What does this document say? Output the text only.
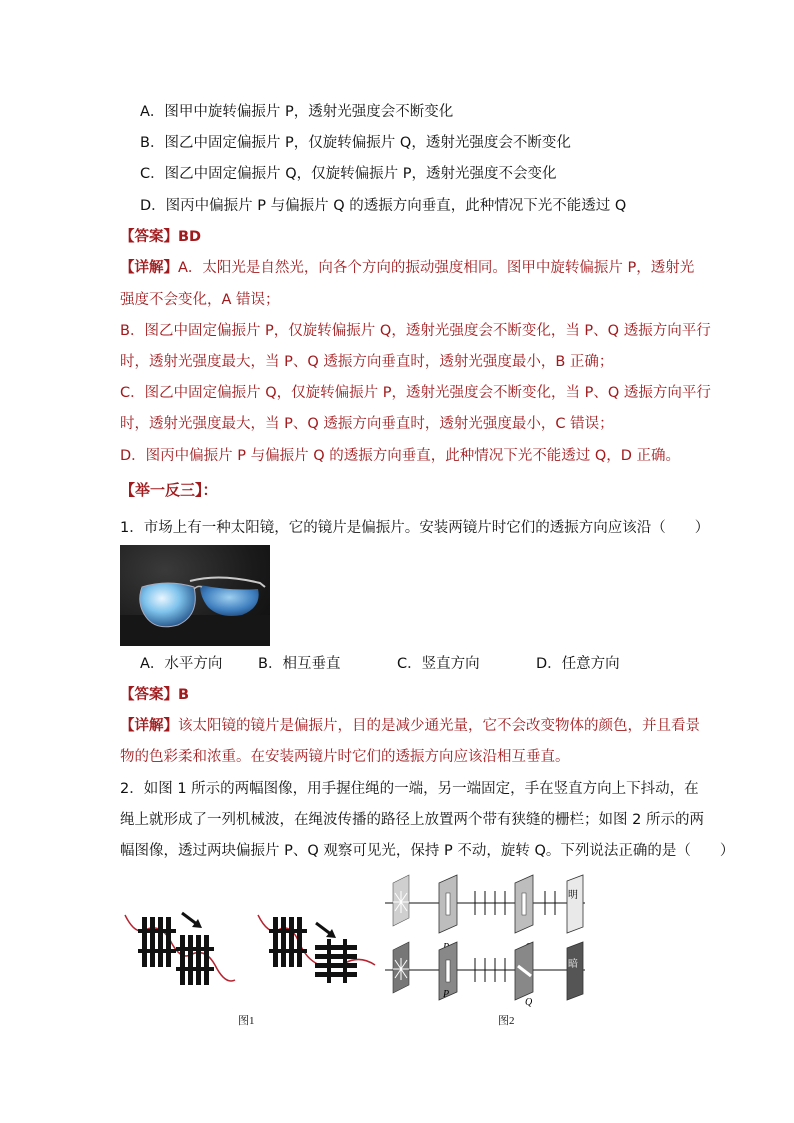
A．图甲中旋转偏振片 P，透射光强度会不断变化
B．图乙中固定偏振片 P，仅旋转偏振片 Q，透射光强度会不断变化
C．图乙中固定偏振片 Q，仅旋转偏振片 P，透射光强度不会变化
D．图丙中偏振片 P 与偏振片 Q 的透振方向垂直，此种情况下光不能透过 Q
【答案】BD
【详解】A．太阳光是自然光，向各个方向的振动强度相同。图甲中旋转偏振片 P，透射光
强度不会变化，A 错误；
B．图乙中固定偏振片 P，仅旋转偏振片 Q，透射光强度会不断变化，当 P、Q 透振方向平行
时，透射光强度最大，当 P、Q 透振方向垂直时，透射光强度最小，B 正确；
C．图乙中固定偏振片 Q，仅旋转偏振片 P，透射光强度会不断变化，当 P、Q 透振方向平行
时，透射光强度最大，当 P、Q 透振方向垂直时，透射光强度最小，C 错误；
D．图丙中偏振片 P 与偏振片 Q 的透振方向垂直，此种情况下光不能透过 Q，D 正确。
【举一反三】：
1．市场上有一种太阳镜，它的镜片是偏振片。安装两镜片时它们的透振方向应该沿（　　）
A．水平方向 B．相互垂直	C．竖直方向	D．任意方向
【答案】B
【详解】该太阳镜的镜片是偏振片，目的是减少通光量，它不会改变物体的颜色，并且看景
物的色彩柔和浓重。在安装两镜片时它们的透振方向应该沿相互垂直。
2．如图 1 所示的两幅图像，用手握住绳的一端，另一端固定，手在竖直方向上下抖动，在
绳上就形成了一列机械波，在绳波传播的路径上放置两个带有狭缝的栅栏；如图 2 所示的两
幅图像，透过两块偏振片 P、Q 观察可见光，保持 P 不动，旋转 Q。下列说法正确的是（　　）
明
暗
P
Q
图1	图2
